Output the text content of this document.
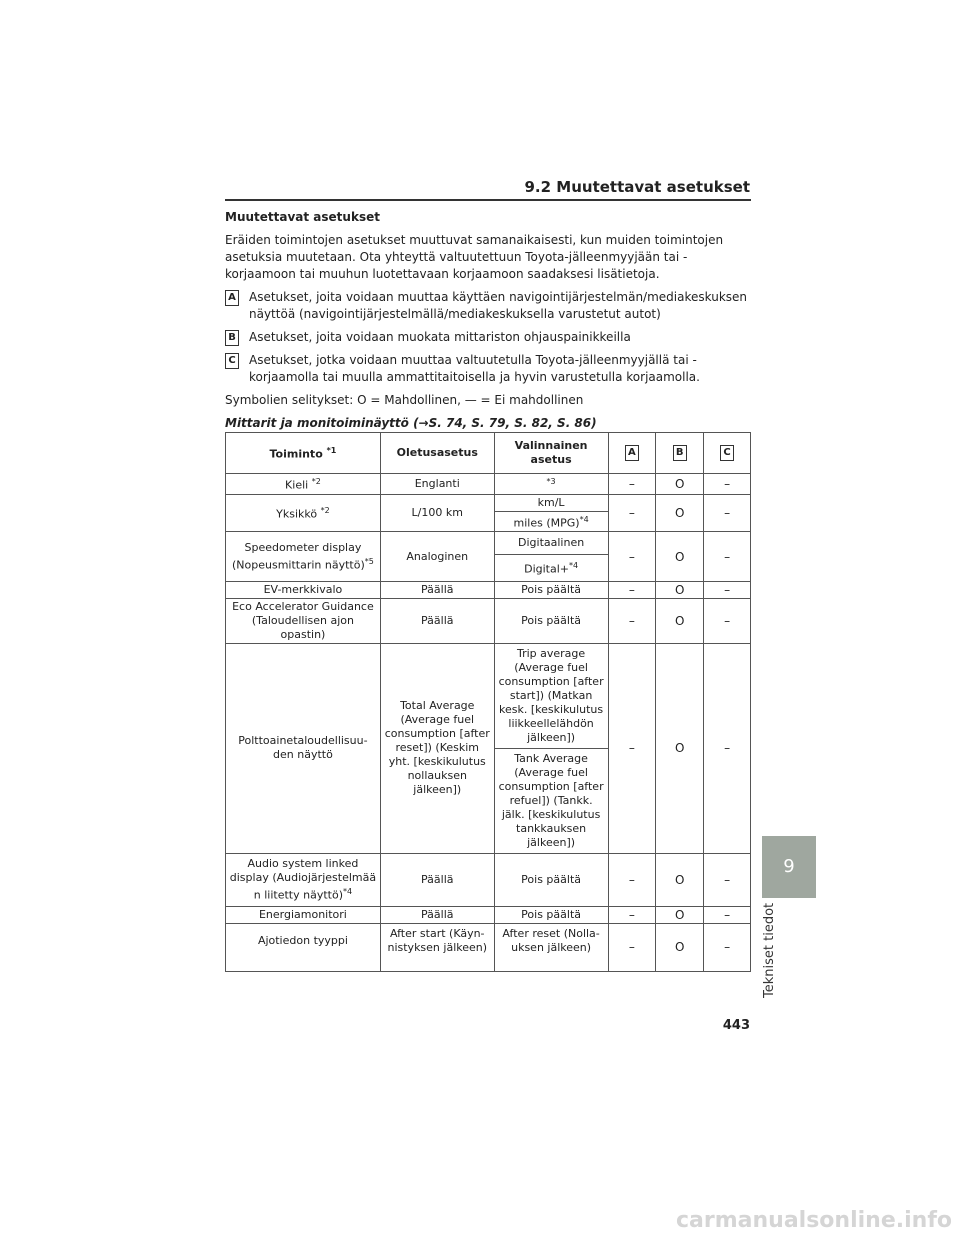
9.2 Muutettavat asetukset

Muutettavat asetukset

Eräiden toimintojen asetukset muuttuvat samanaikaisesti, kun muiden toimintojen asetuksia muutetaan. Ota yhteyttä valtuutettuun Toyota-jälleenmyyjään tai -korjaamoon tai muuhun luotettavaan korjaamoon saadaksesi lisätietoja.

A Asetukset, joita voidaan muuttaa käyttäen navigointijärjestelmän/mediakeskuksen näyttöä (navigointijärjestelmällä/mediakeskuksella varustetut autot)
B Asetukset, joita voidaan muokata mittariston ohjauspainikkeilla
C Asetukset, jotka voidaan muuttaa valtuutetulla Toyota-jälleenmyyjällä tai -korjaamolla tai muulla ammattitaitoisella ja hyvin varustetulla korjaamolla.

Symbolien selitykset: O = Mahdollinen, — = Ei mahdollinen

Mittarit ja monitoiminäyttö (→S. 74, S. 79, S. 82, S. 86)

Toiminto $^{*1}$	Oletusasetus	Valinnainen asetus	A	B	C
Kieli $^{*2}$	Englanti	$^{*3}$	–	O	–
Yksikkö $^{*2}$	L/100 km	km/L	–	O	–
		miles (MPG)$^{*4}$
Speedometer display (Nopeusmittarin näyttö)$^{*5}$	Analoginen	Digitaalinen	–	O	–
		Digital+$^{*4}$
EV-merkkivalo	Päällä	Pois päältä	–	O	–
Eco Accelerator Guidance (Taloudellisen ajon opastin)	Päällä	Pois päältä	–	O	–
Polttoainetaloudellisuu-den näyttö	Total Average (Average fuel consumption [after reset]) (Keskim yht. [keskikulutus nollauksen jälkeen])	Trip average (Average fuel consumption [after start]) (Matkan kesk. [keskikulutus liikkeellelähdön jälkeen])	–	O	–
		Tank Average (Average fuel consumption [after refuel]) (Tankk. jälk. [keskikulutus tankkauksen jälkeen])			
Audio system linked display (Audiojärjestelmää n liitetty näyttö)$^{*4}$	Päällä	Pois päältä	–	O	–
Energiamonitori	Päällä	Pois päältä	–	O	–
Ajotiedon tyyppi	After start (Käyn-nistyksen jälkeen)	After reset (Nolla-uksen jälkeen)	–	O	–
9
Tekniset tiedot
443
carmanualsonline.info
